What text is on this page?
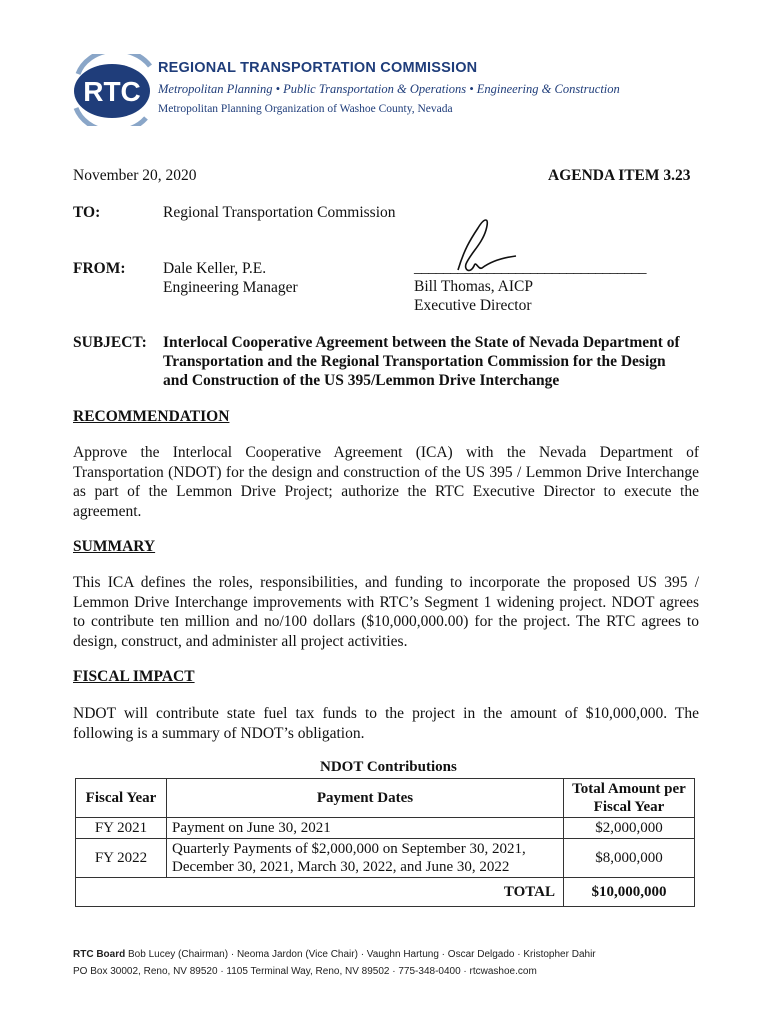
RTC
REGIONAL TRANSPORTATION COMMISSION
Metropolitan Planning • Public Transportation & Operations • Engineering & Construction
Metropolitan Planning Organization of Washoe County, Nevada
November 20, 2020	AGENDA ITEM 3.23
TO:	Regional Transportation Commission
FROM: Dale Keller, P.E.
Engineering Manager
________________________________
Bill Thomas, AICP
Executive Director
SUBJECT: Interlocal Cooperative Agreement between the State of Nevada Department of
Transportation and the Regional Transportation Commission for the Design
and Construction of the US 395/Lemmon Drive Interchange
RECOMMENDATION
Approve the Interlocal Cooperative Agreement (ICA) with the Nevada Department of Transportation (NDOT) for the design and construction of the US 395 / Lemmon Drive Interchange as part of the Lemmon Drive Project; authorize the RTC Executive Director to execute the agreement.
SUMMARY
This ICA defines the roles, responsibilities, and funding to incorporate the proposed US 395 / Lemmon Drive Interchange improvements with RTC’s Segment 1 widening project. NDOT agrees to contribute ten million and no/100 dollars ($10,000,000.00) for the project. The RTC agrees to design, construct, and administer all project activities.
FISCAL IMPACT
NDOT will contribute state fuel tax funds to the project in the amount of $10,000,000. The following is a summary of NDOT’s obligation.
NDOT Contributions
Fiscal Year	Payment Dates	Total Amount per Fiscal Year
FY 2021	Payment on June 30, 2021	$2,000,000
FY 2022	Quarterly Payments of $2,000,000 on September 30, 2021, December 30, 2021, March 30, 2022, and June 30, 2022	$8,000,000
TOTAL		$10,000,000
RTC Board Bob Lucey (Chairman) · Neoma Jardon (Vice Chair) · Vaughn Hartung · Oscar Delgado · Kristopher Dahir
PO Box 30002, Reno, NV 89520 · 1105 Terminal Way, Reno, NV 89502 · 775-348-0400 · rtcwashoe.com
